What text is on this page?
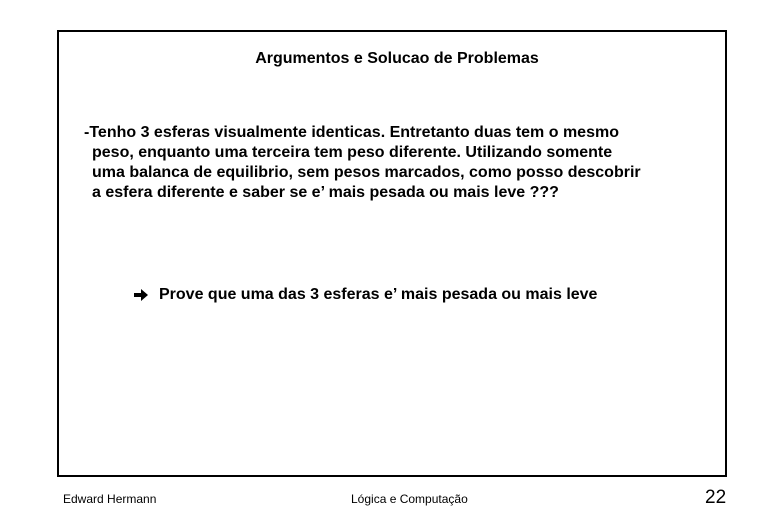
Argumentos e Solucao de Problemas
-Tenho 3 esferas visualmente identicas. Entretanto duas tem o mesmo
peso, enquanto uma terceira tem peso diferente. Utilizando somente
uma balanca de equilibrio, sem pesos marcados, como posso descobrir
a esfera diferente e saber se e’ mais pesada ou mais leve ???
Prove que uma das 3 esferas e’ mais pesada ou mais leve
Edward Hermann	Lógica e Computação	22
